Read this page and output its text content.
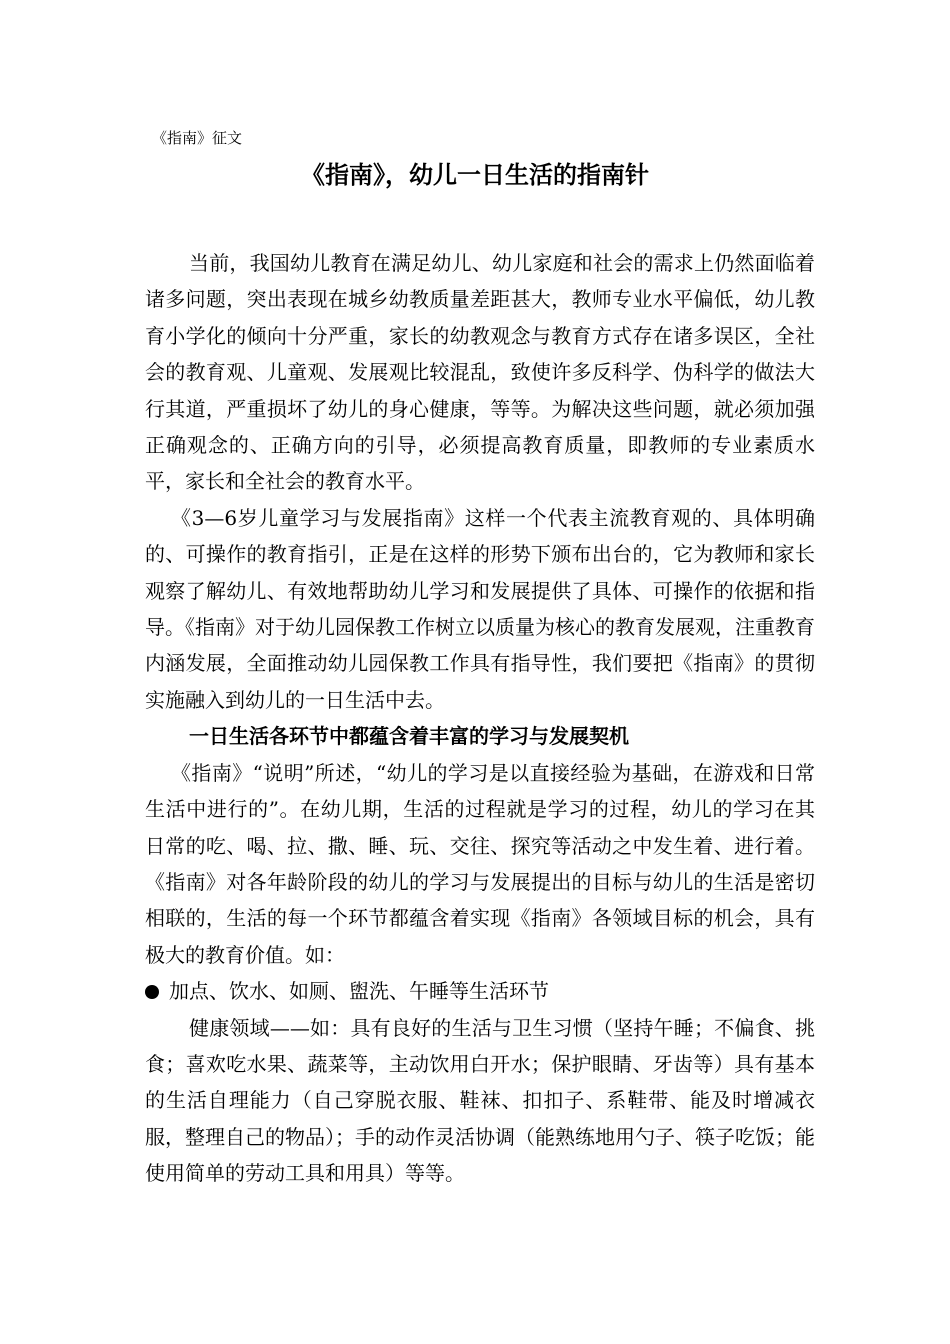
《指南》征文
《指南》，幼儿一日生活的指南针

当前，我国幼儿教育在满足幼儿、幼儿家庭和社会的需求上仍然面临着诸多问题，突出表现在城乡幼教质量差距甚大，教师专业水平偏低，幼儿教育小学化的倾向十分严重，家长的幼教观念与教育方式存在诸多误区，全社会的教育观、儿童观、发展观比较混乱，致使许多反科学、伪科学的做法大行其道，严重损坏了幼儿的身心健康，等等。为解决这些问题，就必须加强正确观念的、正确方向的引导，必须提高教育质量，即教师的专业素质水平，家长和全社会的教育水平。

《3—6岁儿童学习与发展指南》这样一个代表主流教育观的、具体明确的、可操作的教育指引，正是在这样的形势下颁布出台的，它为教师和家长观察了解幼儿、有效地帮助幼儿学习和发展提供了具体、可操作的依据和指导。《指南》对于幼儿园保教工作树立以质量为核心的教育发展观，注重教育内涵发展，全面推动幼儿园保教工作具有指导性，我们要把《指南》的贯彻实施融入到幼儿的一日生活中去。

一日生活各环节中都蕴含着丰富的学习与发展契机

《指南》“说明”所述，“幼儿的学习是以直接经验为基础，在游戏和日常生活中进行的”。在幼儿期，生活的过程就是学习的过程，幼儿的学习在其日常的吃、喝、拉、撒、睡、玩、交往、探究等活动之中发生着、进行着。《指南》对各年龄阶段的幼儿的学习与发展提出的目标与幼儿的生活是密切相联的，生活的每一个环节都蕴含着实现《指南》各领域目标的机会，具有极大的教育价值。如：

加点、饮水、如厕、盥洗、午睡等生活环节

健康领域——如：具有良好的生活与卫生习惯（坚持午睡；不偏食、挑食；喜欢吃水果、蔬菜等，主动饮用白开水；保护眼睛、牙齿等）具有基本的生活自理能力（自己穿脱衣服、鞋袜、扣扣子、系鞋带、能及时增减衣服，整理自己的物品）；手的动作灵活协调（能熟练地用勺子、筷子吃饭；能使用简单的劳动工具和用具）等等。
